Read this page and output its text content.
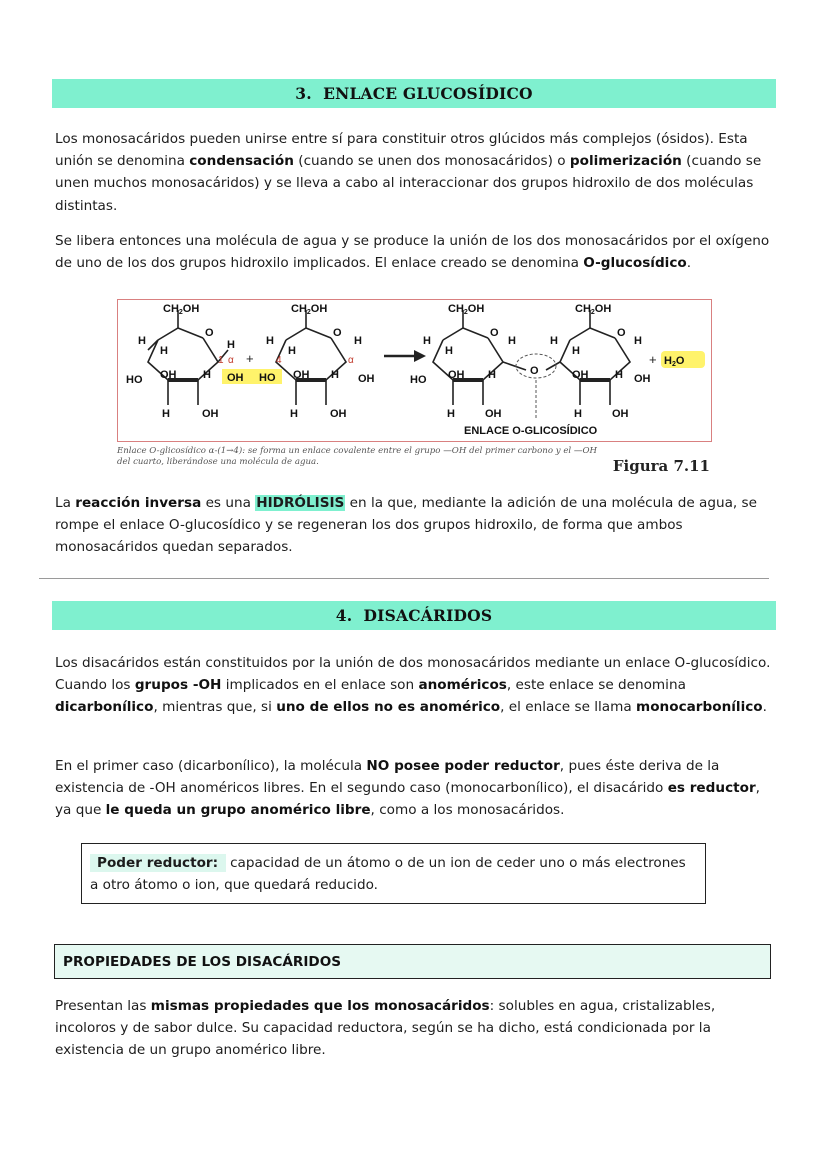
3.
ENLACE GLUCOSÍDICO

Los monosacáridos pueden unirse entre sí para constituir otros glúcidos más complejos (ósidos). Esta unión se denomina condensación (cuando se unen dos monosacáridos) o polimerización (cuando se unen muchos monosacáridos) y se lleva a cabo al interaccionar dos grupos hidroxilo de dos moléculas distintas.

Se libera entonces una molécula de agua y se produce la unión de los dos monosacáridos por el oxígeno de uno de los dos grupos hidroxilo implicados. El enlace creado se denomina O-glucosídico.

CH2OH
O
H
H	H
HO OH H
H	OH
OH HO
CH2OH
O
H
H
H
OH H OH
H	OH
CH2OH
O
H
H
H
HO OH H
H	OH
O
CH2OH
O
H
H
H
OH H OH
H	OH
H2O
ENLACE O-GLICOSÍDICO
+	+
1 α	4	α
Enlace O-glicosídico α-(1→4): se forma un enlace covalente entre el grupo —OH del primer carbono y el —OH del cuarto, liberándose una molécula de agua.	Figura 7.11

La reacción inversa es una HIDRÓLISIS en la que, mediante la adición de una molécula de agua, se rompe el enlace O-glucosídico y se regeneran los dos grupos hidroxilo, de forma que ambos monosacáridos quedan separados.

4.
DISACÁRIDOS

Los disacáridos están constituidos por la unión de dos monosacáridos mediante un enlace O-glucosídico. Cuando los grupos -OH implicados en el enlace son anoméricos, este enlace se denomina dicarbonílico, mientras que, si uno de ellos no es anomérico, el enlace se llama monocarbonílico.

En el primer caso (dicarbonílico), la molécula NO posee poder reductor, pues éste deriva de la existencia de -OH anoméricos libres. En el segundo caso (monocarbonílico), el disacárido es reductor, ya que le queda un grupo anomérico libre, como a los monosacáridos.

Poder reductor: capacidad de un átomo o de un ion de ceder uno o más electrones a otro átomo o ion, que quedará reducido.
PROPIEDADES DE LOS DISACÁRIDOS

Presentan las mismas propiedades que los monosacáridos: solubles en agua, cristalizables, incoloros y de sabor dulce. Su capacidad reductora, según se ha dicho, está condicionada por la existencia de un grupo anomérico libre.
